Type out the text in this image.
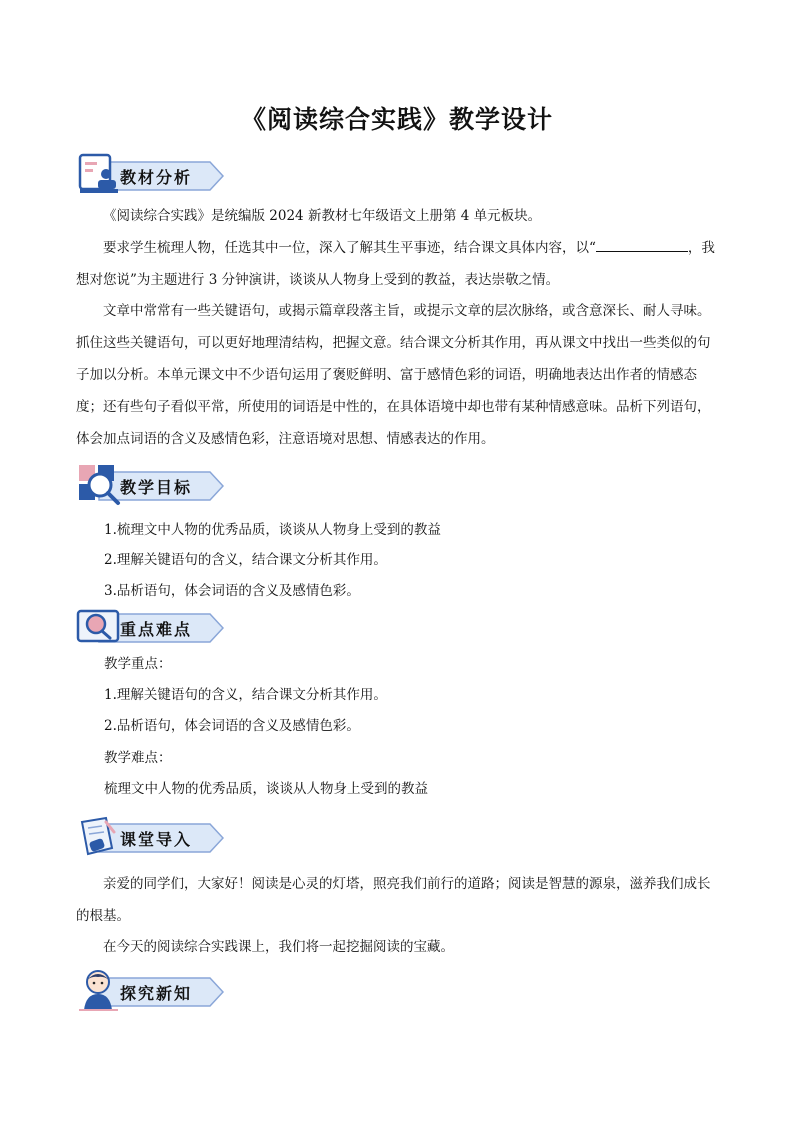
《阅读综合实践》教学设计
教材分析

《阅读综合实践》是统编版 2024 新教材七年级语文上册第 4 单元板块。

要求学生梳理人物，任选其中一位，深入了解其生平事迹，结合课文具体内容，以“	，我想对您说”为主题进行 3 分钟演讲，谈谈从人物身上受到的教益，表达崇敬之情。

文章中常常有一些关键语句，或揭示篇章段落主旨，或提示文章的层次脉络，或含意深长、耐人寻味。抓住这些关键语句，可以更好地理清结构，把握文意。结合课文分析其作用，再从课文中找出一些类似的句子加以分析。本单元课文中不少语句运用了褒贬鲜明、富于感情色彩的词语，明确地表达出作者的情感态度；还有些句子看似平常，所使用的词语是中性的，在具体语境中却也带有某种情感意味。品析下列语句，体会加点词语的含义及感情色彩，注意语境对思想、情感表达的作用。

教学目标

1.梳理文中人物的优秀品质，谈谈从人物身上受到的教益

2.理解关键语句的含义，结合课文分析其作用。

3.品析语句，体会词语的含义及感情色彩。

重点难点

教学重点：

1.理解关键语句的含义，结合课文分析其作用。

2.品析语句，体会词语的含义及感情色彩。

教学难点：

梳理文中人物的优秀品质，谈谈从人物身上受到的教益

课堂导入

亲爱的同学们，大家好！阅读是心灵的灯塔，照亮我们前行的道路；阅读是智慧的源泉，滋养我们成长的根基。

在今天的阅读综合实践课上，我们将一起挖掘阅读的宝藏。

探究新知
